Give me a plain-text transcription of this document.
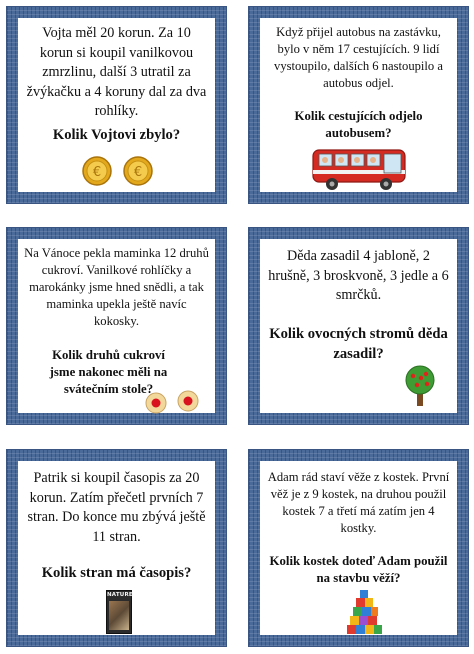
Vojta měl 20 korun. Za 10 korun si koupil vanilkovou zmrzlinu, další 3 utratil za žvýkačku a 4 koruny dal za dva rohlíky.
Kolik Vojtovi zbylo?
€	€
Když přijel autobus na zastávku, bylo v něm 17 cestujících. 9 lidí vystoupilo, dalších 6 nastoupilo a autobus odjel.
Kolik cestujících odjelo autobusem?
Na Vánoce pekla maminka 12 druhů cukroví. Vanilkové rohlíčky a marokánky jsme hned snědli, a tak maminka upekla ještě navíc kokosky.
Kolik druhů cukroví jsme nakonec měli na svátečním stole?
Děda zasadil 4 jabloně, 2 hrušně, 3 broskvoně, 3 jedle a 6 smrčků.
Kolik ovocných stromů děda zasadil?
Patrik si koupil časopis za 20 korun. Zatím přečetl prvních 7 stran. Do konce mu zbývá ještě 11 stran.
Kolik stran má časopis?
NATURE
Adam rád staví věže z kostek. První věž je z 9 kostek, na druhou použil kostek 7 a třetí má zatím jen 4 kostky.
Kolik kostek doteď Adam použil na stavbu věží?
